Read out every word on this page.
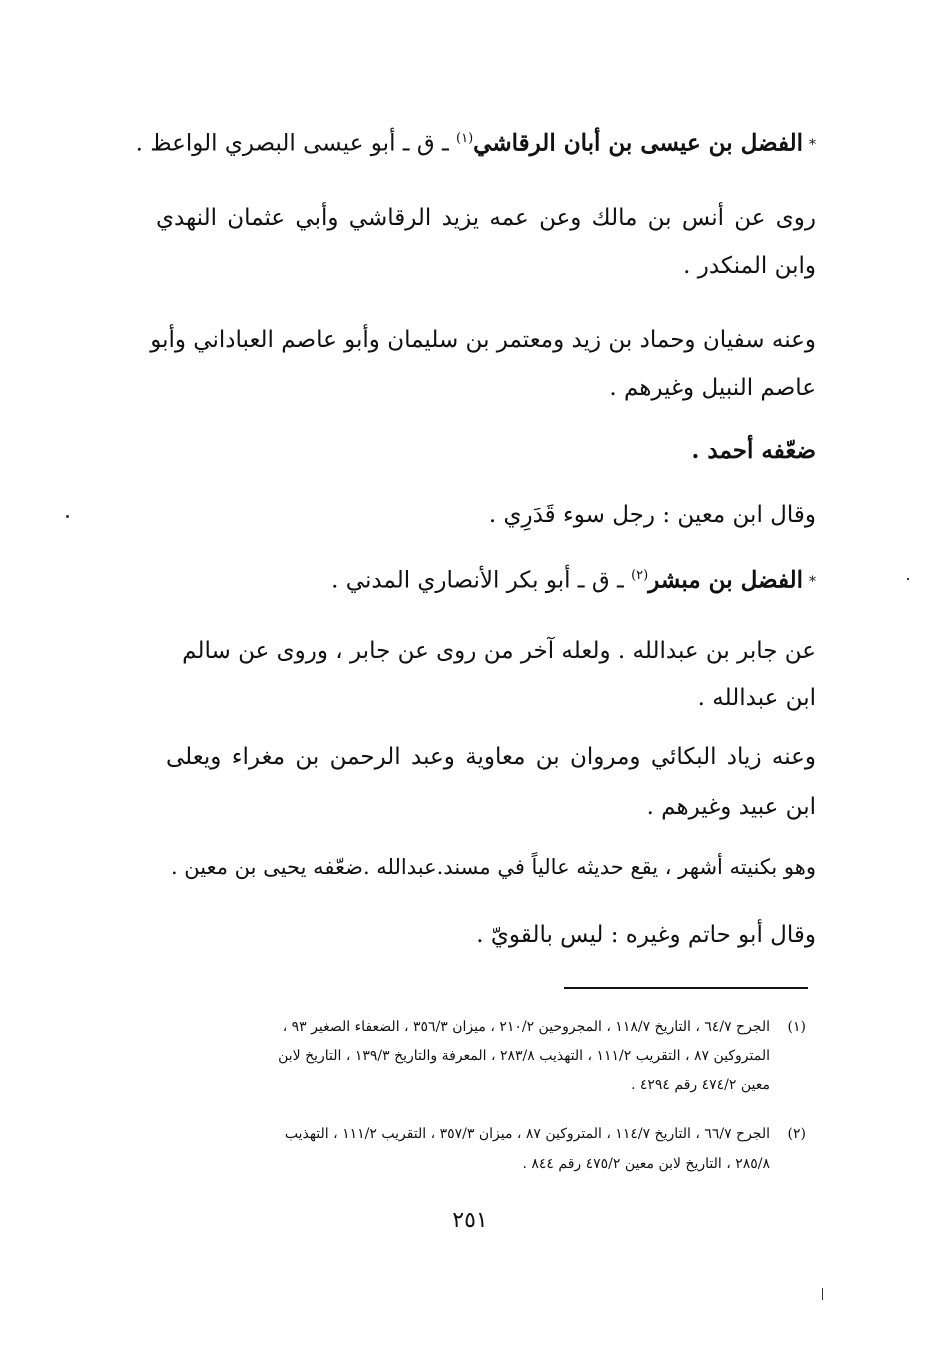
*الفضل بن عيسى بن أبان الرقاشي$^{(١)}$ ـ ق ـ أبو عيسى البصري الواعظ .
روى عن أنس بن مالك وعن عمه يزيد الرقاشي وأبي عثمان النهدي
وابن المنكدر .
وعنه سفيان وحماد بن زيد ومعتمر بن سليمان وأبو عاصم العباداني وأبو
عاصم النبيل وغيرهم .
ضعّفه أحمد .
وقال ابن معين : رجل سوء قَدَرِي .
*الفضل بن مبشر$^{(٢)}$ ـ ق ـ أبو بكر الأنصاري المدني .
عن جابر بن عبدالله . ولعله آخر من روى عن جابر ، وروى عن سالم
ابن عبدالله .
وعنه زياد البكائي ومروان بن معاوية وعبد الرحمن بن مغراء ويعلى
ابن عبيد وغيرهم .
وهو بكنيته أشهر ، يقع حديثه عالياً في مسند.عبدالله .ضعّفه يحيى بن معين .
وقال أبو حاتم وغيره : ليس بالقويّ .
(١)
الجرح ٦٤/٧ ، التاريخ ١١٨/٧ ، المجروحين ٢١٠/٢ ، ميزان ٣٥٦/٣ ، الضعفاء الصغير ٩٣ ،
المتروكين ٨٧ ، التقريب ١١١/٢ ، التهذيب ٢٨٣/٨ ، المعرفة والتاريخ ١٣٩/٣ ، التاريخ لابن
معين ٤٧٤/٢ رقم ٤٢٩٤ .
(٢)
الجرح ٦٦/٧ ، التاريخ ١١٤/٧ ، المتروكين ٨٧ ، ميزان ٣٥٧/٣ ، التقريب ١١١/٢ ، التهذيب
٢٨٥/٨ ، التاريخ لابن معين ٤٧٥/٢ رقم ٨٤٤ .
٢٥١
